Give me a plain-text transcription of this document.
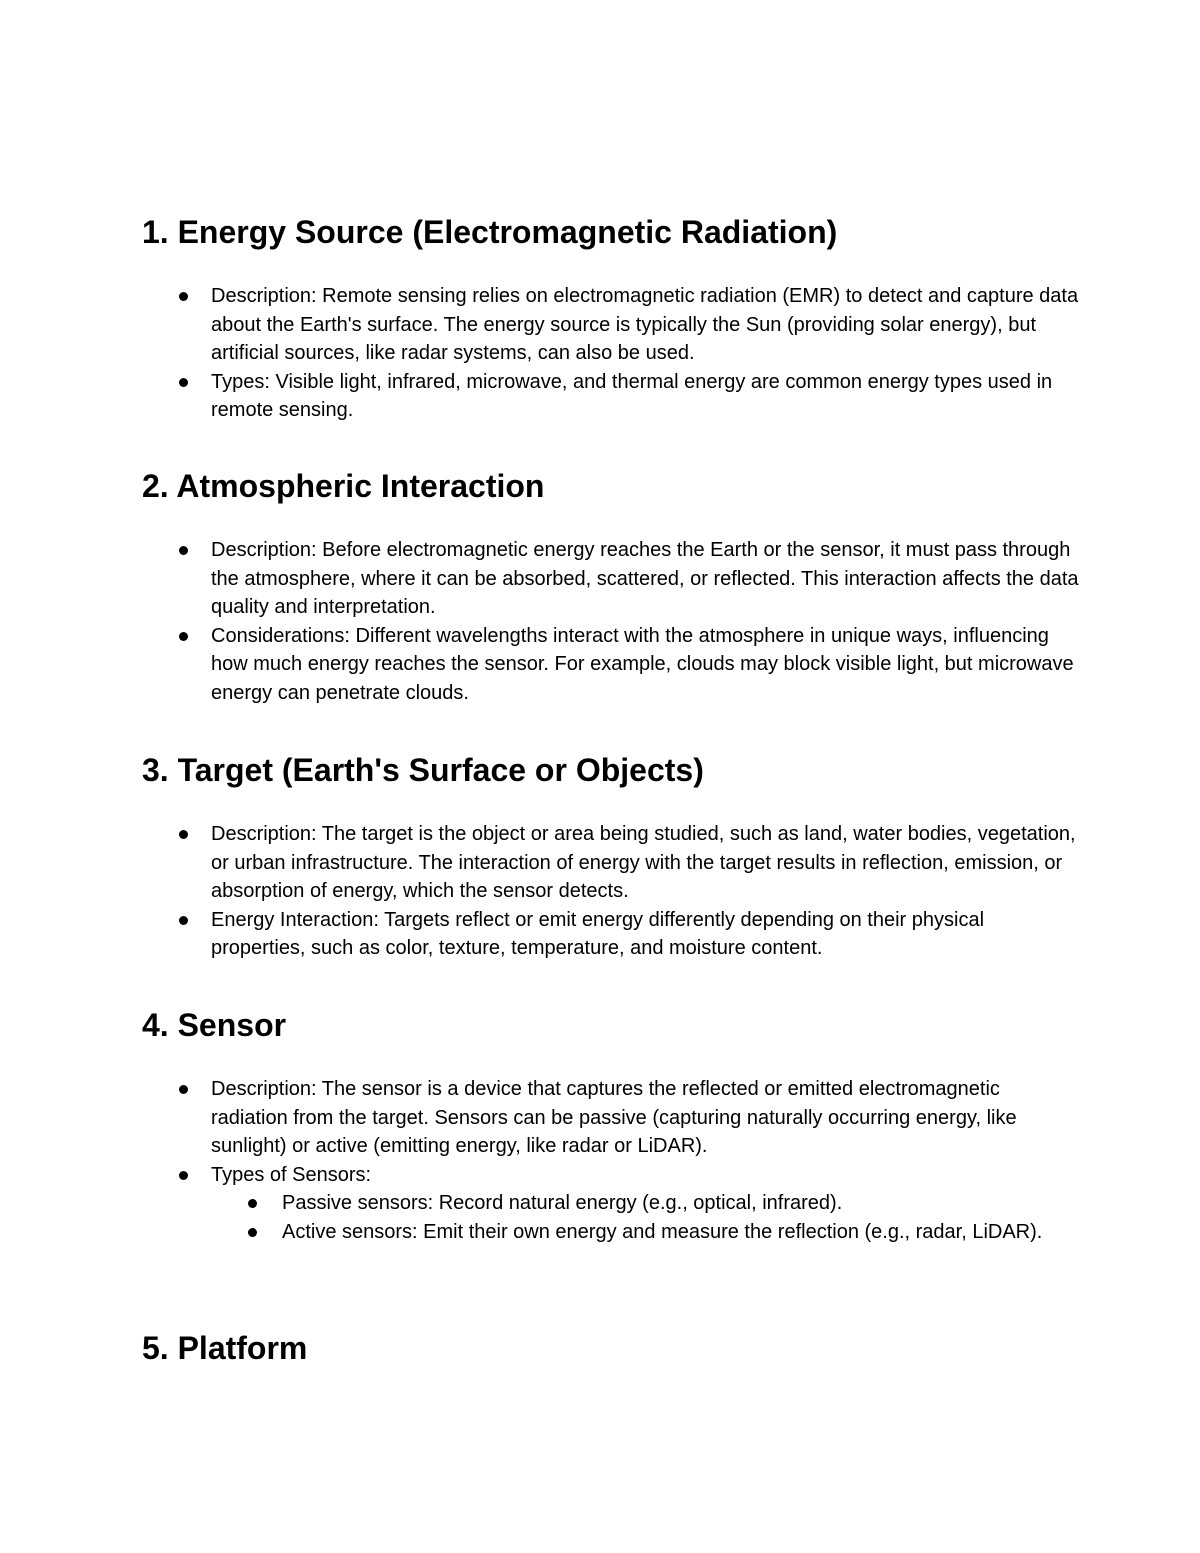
1. Energy Source (Electromagnetic Radiation)
Description: Remote sensing relies on electromagnetic radiation (EMR) to detect and capture data about the Earth's surface. The energy source is typically the Sun (providing solar energy), but artificial sources, like radar systems, can also be used.
Types: Visible light, infrared, microwave, and thermal energy are common energy types used in remote sensing.
2. Atmospheric Interaction
Description: Before electromagnetic energy reaches the Earth or the sensor, it must pass through the atmosphere, where it can be absorbed, scattered, or reflected. This interaction affects the data quality and interpretation.
Considerations: Different wavelengths interact with the atmosphere in unique ways, influencing how much energy reaches the sensor. For example, clouds may block visible light, but microwave energy can penetrate clouds.
3. Target (Earth's Surface or Objects)
Description: The target is the object or area being studied, such as land, water bodies, vegetation, or urban infrastructure. The interaction of energy with the target results in reflection, emission, or absorption of energy, which the sensor detects.
Energy Interaction: Targets reflect or emit energy differently depending on their physical properties, such as color, texture, temperature, and moisture content.
4. Sensor
Description: The sensor is a device that captures the reflected or emitted electromagnetic radiation from the target. Sensors can be passive (capturing naturally occurring energy, like sunlight) or active (emitting energy, like radar or LiDAR).
Types of Sensors:
Passive sensors: Record natural energy (e.g., optical, infrared).
Active sensors: Emit their own energy and measure the reflection (e.g., radar, LiDAR).
5. Platform
